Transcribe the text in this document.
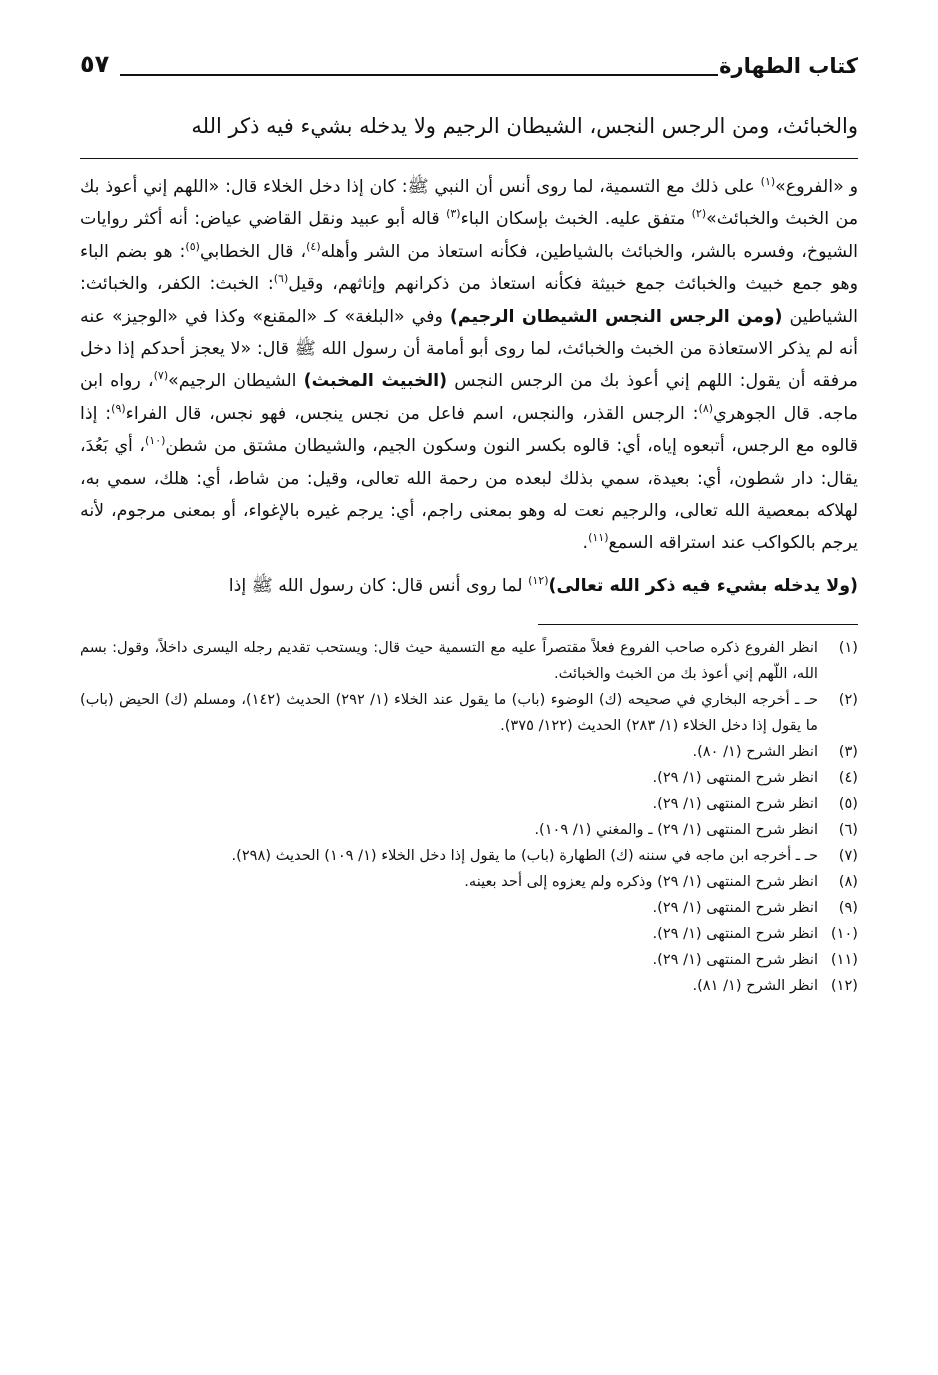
كتاب الطهارة
٥٧
والخبائث، ومن الرجس النجس، الشيطان الرجيم ولا يدخله بشيء فيه ذكر الله

و «الفروع»$^{(١)}$ على ذلك مع التسمية، لما روى أنس أن النبي ﷺ: كان إذا دخل الخلاء قال: «اللهم إني أعوذ بك من الخبث والخبائث»$^{(٢)}$ متفق عليه. الخبث بإسكان الباء$^{(٣)}$ قاله أبو عبيد ونقل القاضي عياض: أنه أكثر روايات الشيوخ، وفسره بالشر، والخبائث بالشياطين، فكأنه استعاذ من الشر وأهله$^{(٤)}$، قال الخطابي$^{(٥)}$: هو بضم الباء وهو جمع خبيث والخبائث جمع خبيثة فكأنه استعاذ من ذكرانهم وإناثهم، وقيل$^{(٦)}$: الخبث: الكفر، والخبائث: الشياطين (ومن الرجس النجس الشيطان الرجيم) وفي «البلغة» كـ «المقنع» وكذا في «الوجيز» عنه أنه لم يذكر الاستعاذة من الخبث والخبائث، لما روى أبو أمامة أن رسول الله ﷺ قال: «لا يعجز أحدكم إذا دخل مرفقه أن يقول: اللهم إني أعوذ بك من الرجس النجس (الخبيث المخبث) الشيطان الرجيم»$^{(٧)}$، رواه ابن ماجه. قال الجوهري$^{(٨)}$: الرجس القذر، والنجس، اسم فاعل من نجس ينجس، فهو نجس، قال الفراء$^{(٩)}$: إذا قالوه مع الرجس، أتبعوه إياه، أي: قالوه بكسر النون وسكون الجيم، والشيطان مشتق من شطن$^{(١٠)}$، أي بَعُدَ، يقال: دار شطون، أي: بعيدة، سمي بذلك لبعده من رحمة الله تعالى، وقيل: من شاط، أي: هلك، سمي به، لهلاكه بمعصية الله تعالى، والرجيم نعت له وهو بمعنى راجم، أي: يرجم غيره بالإغواء، أو بمعنى مرجوم، لأنه يرجم بالكواكب عند استراقه السمع$^{(١١)}$.

(ولا يدخله بشيء فيه ذكر الله تعالى)$^{(١٢)}$ لما روى أنس قال: كان رسول الله ﷺ إذا

(١)
انظر الفروع ذكره صاحب الفروع فعلاً مقتصراً عليه مع التسمية حيث قال: ويستحب تقديم رجله اليسرى داخلاً، وقول: بسم الله، اللّهم إني أعوذ بك من الخبث والخبائث.
(٢)
حـ ـ أخرجه البخاري في صحيحه (ك) الوضوء (باب) ما يقول عند الخلاء (١/ ٢٩٢) الحديث (١٤٢)، ومسلم (ك) الحيض (باب) ما يقول إذا دخل الخلاء (١/ ٢٨٣) الحديث (١٢٢/ ٣٧٥).
(٣)
انظر الشرح (١/ ٨٠).
(٤)
انظر شرح المنتهى (١/ ٢٩).
(٥)
انظر شرح المنتهى (١/ ٢٩).
(٦)
انظر شرح المنتهى (١/ ٢٩) ـ والمغني (١/ ١٠٩).
(٧)
حـ ـ أخرجه ابن ماجه في سننه (ك) الطهارة (باب) ما يقول إذا دخل الخلاء (١/ ١٠٩) الحديث (٢٩٨).
(٨)
انظر شرح المنتهى (١/ ٢٩) وذكره ولم يعزوه إلى أحد بعينه.
(٩)
انظر شرح المنتهى (١/ ٢٩).
(١٠)
انظر شرح المنتهى (١/ ٢٩).
(١١)
انظر شرح المنتهى (١/ ٢٩).
(١٢)
انظر الشرح (١/ ٨١).
